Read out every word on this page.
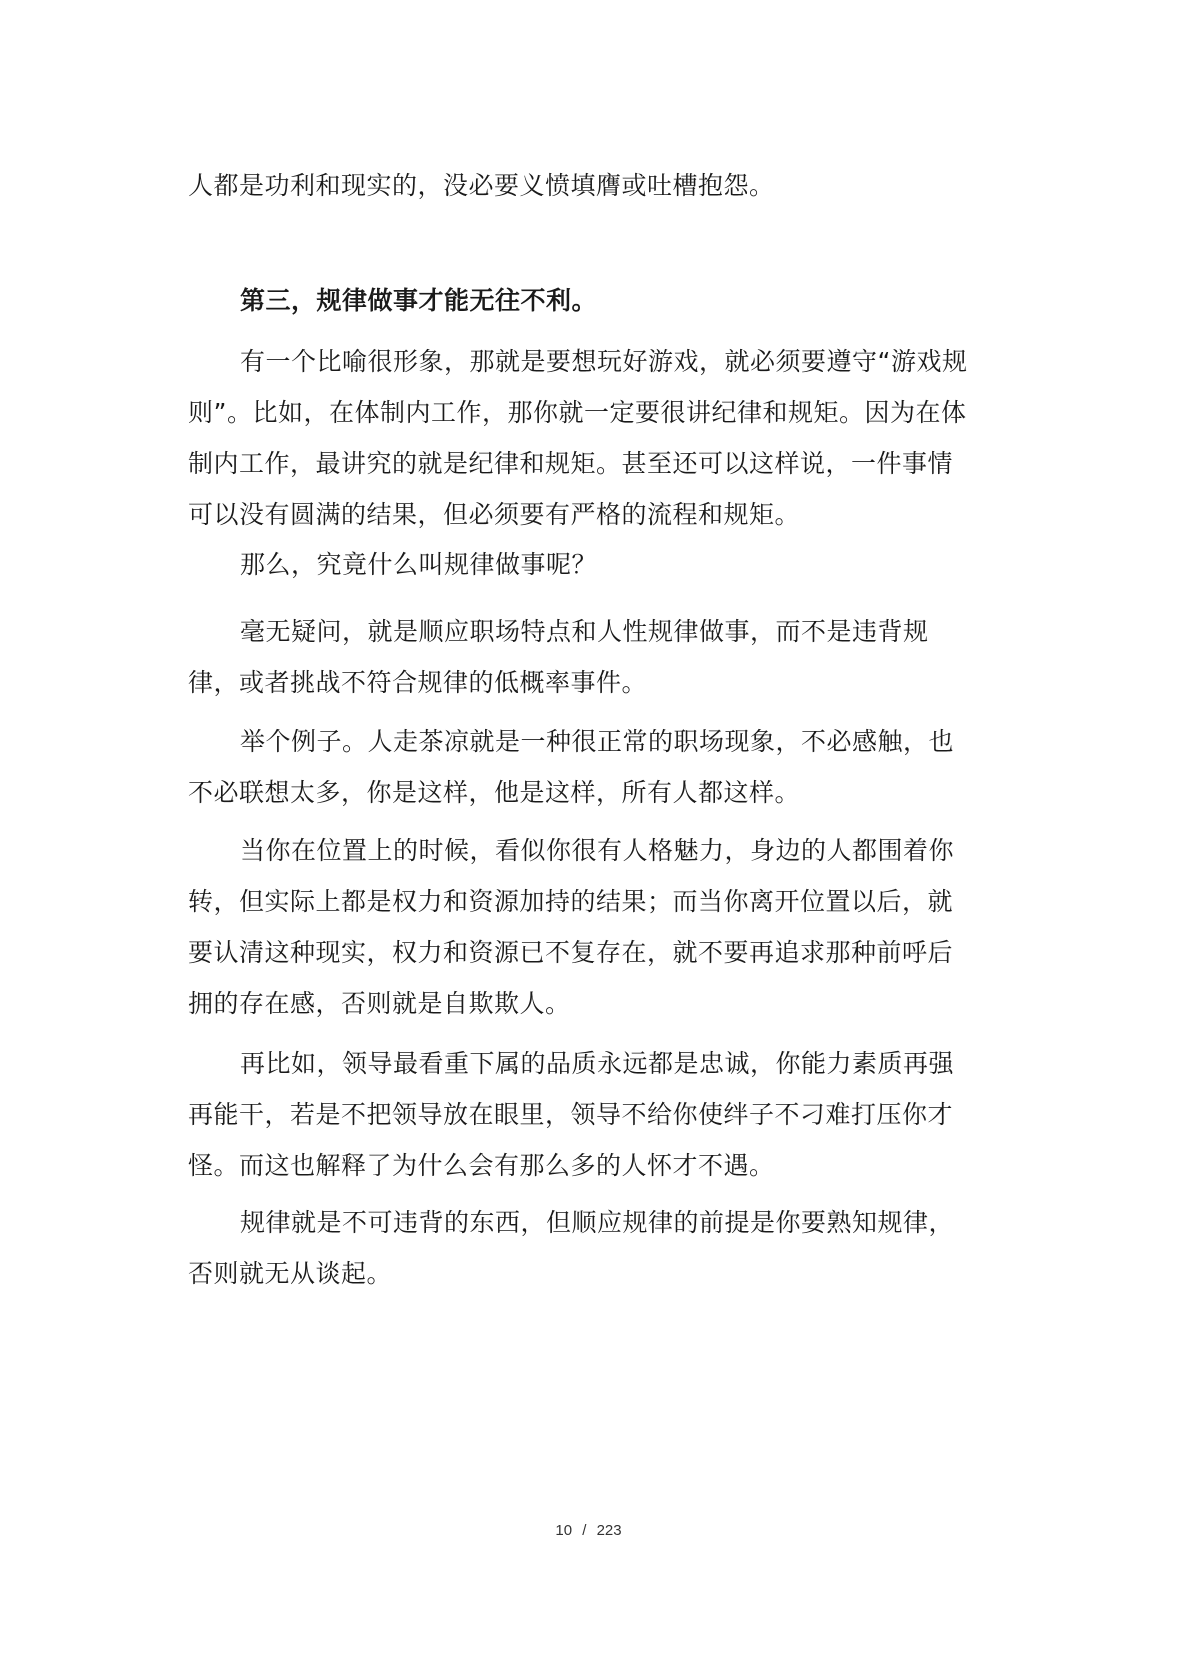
人都是功利和现实的，没必要义愤填膺或吐槽抱怨。

第三，规律做事才能无往不利。

有一个比喻很形象，那就是要想玩好游戏，就必须要遵守“游戏规则”。比如，在体制内工作，那你就一定要很讲纪律和规矩。因为在体制内工作，最讲究的就是纪律和规矩。甚至还可以这样说，一件事情可以没有圆满的结果，但必须要有严格的流程和规矩。

那么，究竟什么叫规律做事呢？

毫无疑问，就是顺应职场特点和人性规律做事，而不是违背规律，或者挑战不符合规律的低概率事件。

举个例子。人走茶凉就是一种很正常的职场现象，不必感触，也不必联想太多，你是这样，他是这样，所有人都这样。

当你在位置上的时候，看似你很有人格魅力，身边的人都围着你转，但实际上都是权力和资源加持的结果；而当你离开位置以后，就要认清这种现实，权力和资源已不复存在，就不要再追求那种前呼后拥的存在感，否则就是自欺欺人。

再比如，领导最看重下属的品质永远都是忠诚，你能力素质再强再能干，若是不把领导放在眼里，领导不给你使绊子不刁难打压你才怪。而这也解释了为什么会有那么多的人怀才不遇。

规律就是不可违背的东西，但顺应规律的前提是你要熟知规律，否则就无从谈起。

10 / 223
